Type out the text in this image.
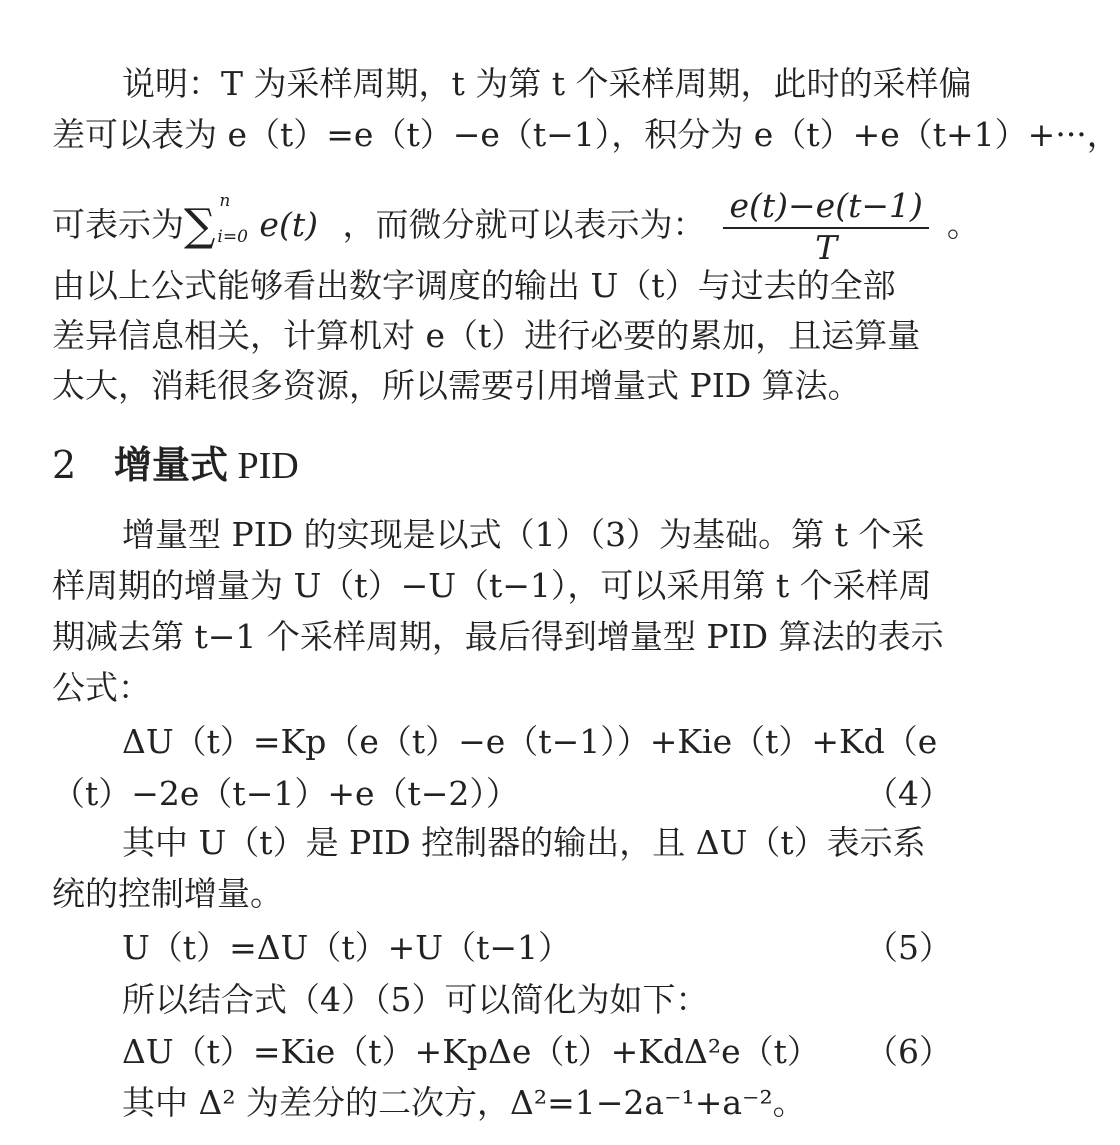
说明：T 为采样周期，t 为第 t 个采样周期，此时的采样偏
差可以表为 e（t）=e（t）−e（t−1），积分为 e（t）+e（t+1）+···，
可表示为∑ n
i=0 e(t) ，而微分就可以表示为： $\frac{e(t)-e(t-1)}{T}$ 。
由以上公式能够看出数字调度的输出 U（t）与过去的全部
差异信息相关，计算机对 e（t）进行必要的累加，且运算量
太大，消耗很多资源，所以需要引用增量式 PID 算法。
2 增量式 PID
增量型 PID 的实现是以式（1）（3）为基础。第 t 个采
样周期的增量为 U（t）−U（t−1），可以采用第 t 个采样周
期减去第 t−1 个采样周期，最后得到增量型 PID 算法的表示
公式：
ΔU（t）=Kp（e（t）−e（t−1））+Kie（t）+Kd（e
（t）−2e（t−1）+e（t−2））	（4）
其中 U（t）是 PID 控制器的输出，且 ΔU（t）表示系
统的控制增量。
U（t）=ΔU（t）+U（t−1）	（5）
所以结合式（4）（5）可以简化为如下：
ΔU（t）=Kie（t）+KpΔe（t）+KdΔ²e（t）	（6）
其中 Δ² 为差分的二次方，Δ²=1−2a⁻¹+a⁻²。
